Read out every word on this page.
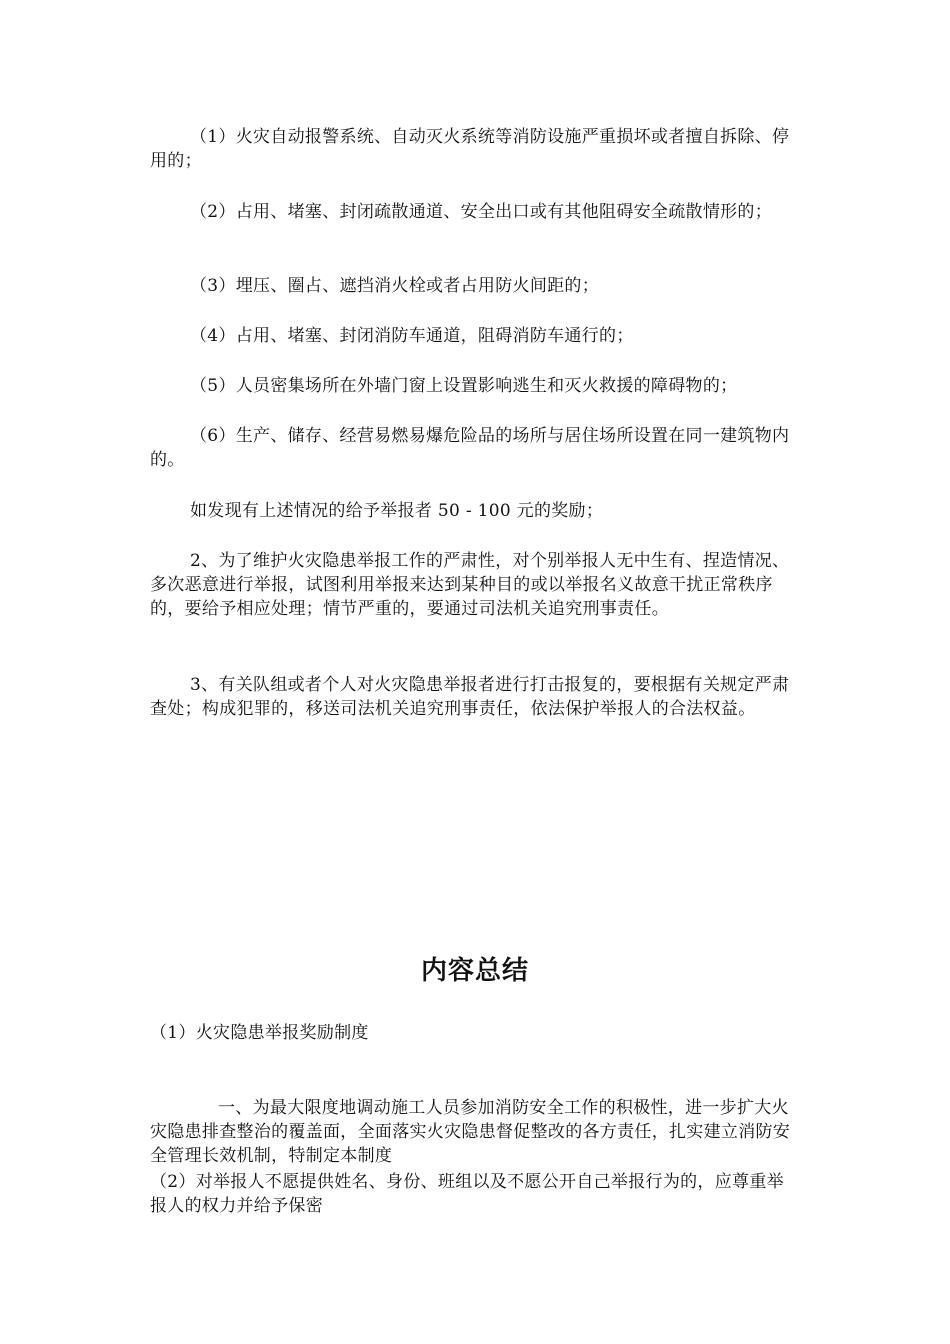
（1）火灾自动报警系统、自动灭火系统等消防设施严重损坏或者擅自拆除、停用的；

（2）占用、堵塞、封闭疏散通道、安全出口或有其他阻碍安全疏散情形的；

（3）埋压、圈占、遮挡消火栓或者占用防火间距的；

（4）占用、堵塞、封闭消防车通道，阻碍消防车通行的；

（5）人员密集场所在外墙门窗上设置影响逃生和灭火救援的障碍物的；

（6）生产、储存、经营易燃易爆危险品的场所与居住场所设置在同一建筑物内的。

如发现有上述情况的给予举报者 50 - 100 元的奖励；

2、为了维护火灾隐患举报工作的严肃性，对个别举报人无中生有、捏造情况、多次恶意进行举报，试图利用举报来达到某种目的或以举报名义故意干扰正常秩序的，要给予相应处理；情节严重的，要通过司法机关追究刑事责任。

3、有关队组或者个人对火灾隐患举报者进行打击报复的，要根据有关规定严肃查处；构成犯罪的，移送司法机关追究刑事责任，依法保护举报人的合法权益。

内容总结

（1）火灾隐患举报奖励制度

一、为最大限度地调动施工人员参加消防安全工作的积极性，进一步扩大火灾隐患排查整治的覆盖面，全面落实火灾隐患督促整改的各方责任，扎实建立消防安全管理长效机制，特制定本制度

（2）对举报人不愿提供姓名、身份、班组以及不愿公开自己举报行为的，应尊重举报人的权力并给予保密
